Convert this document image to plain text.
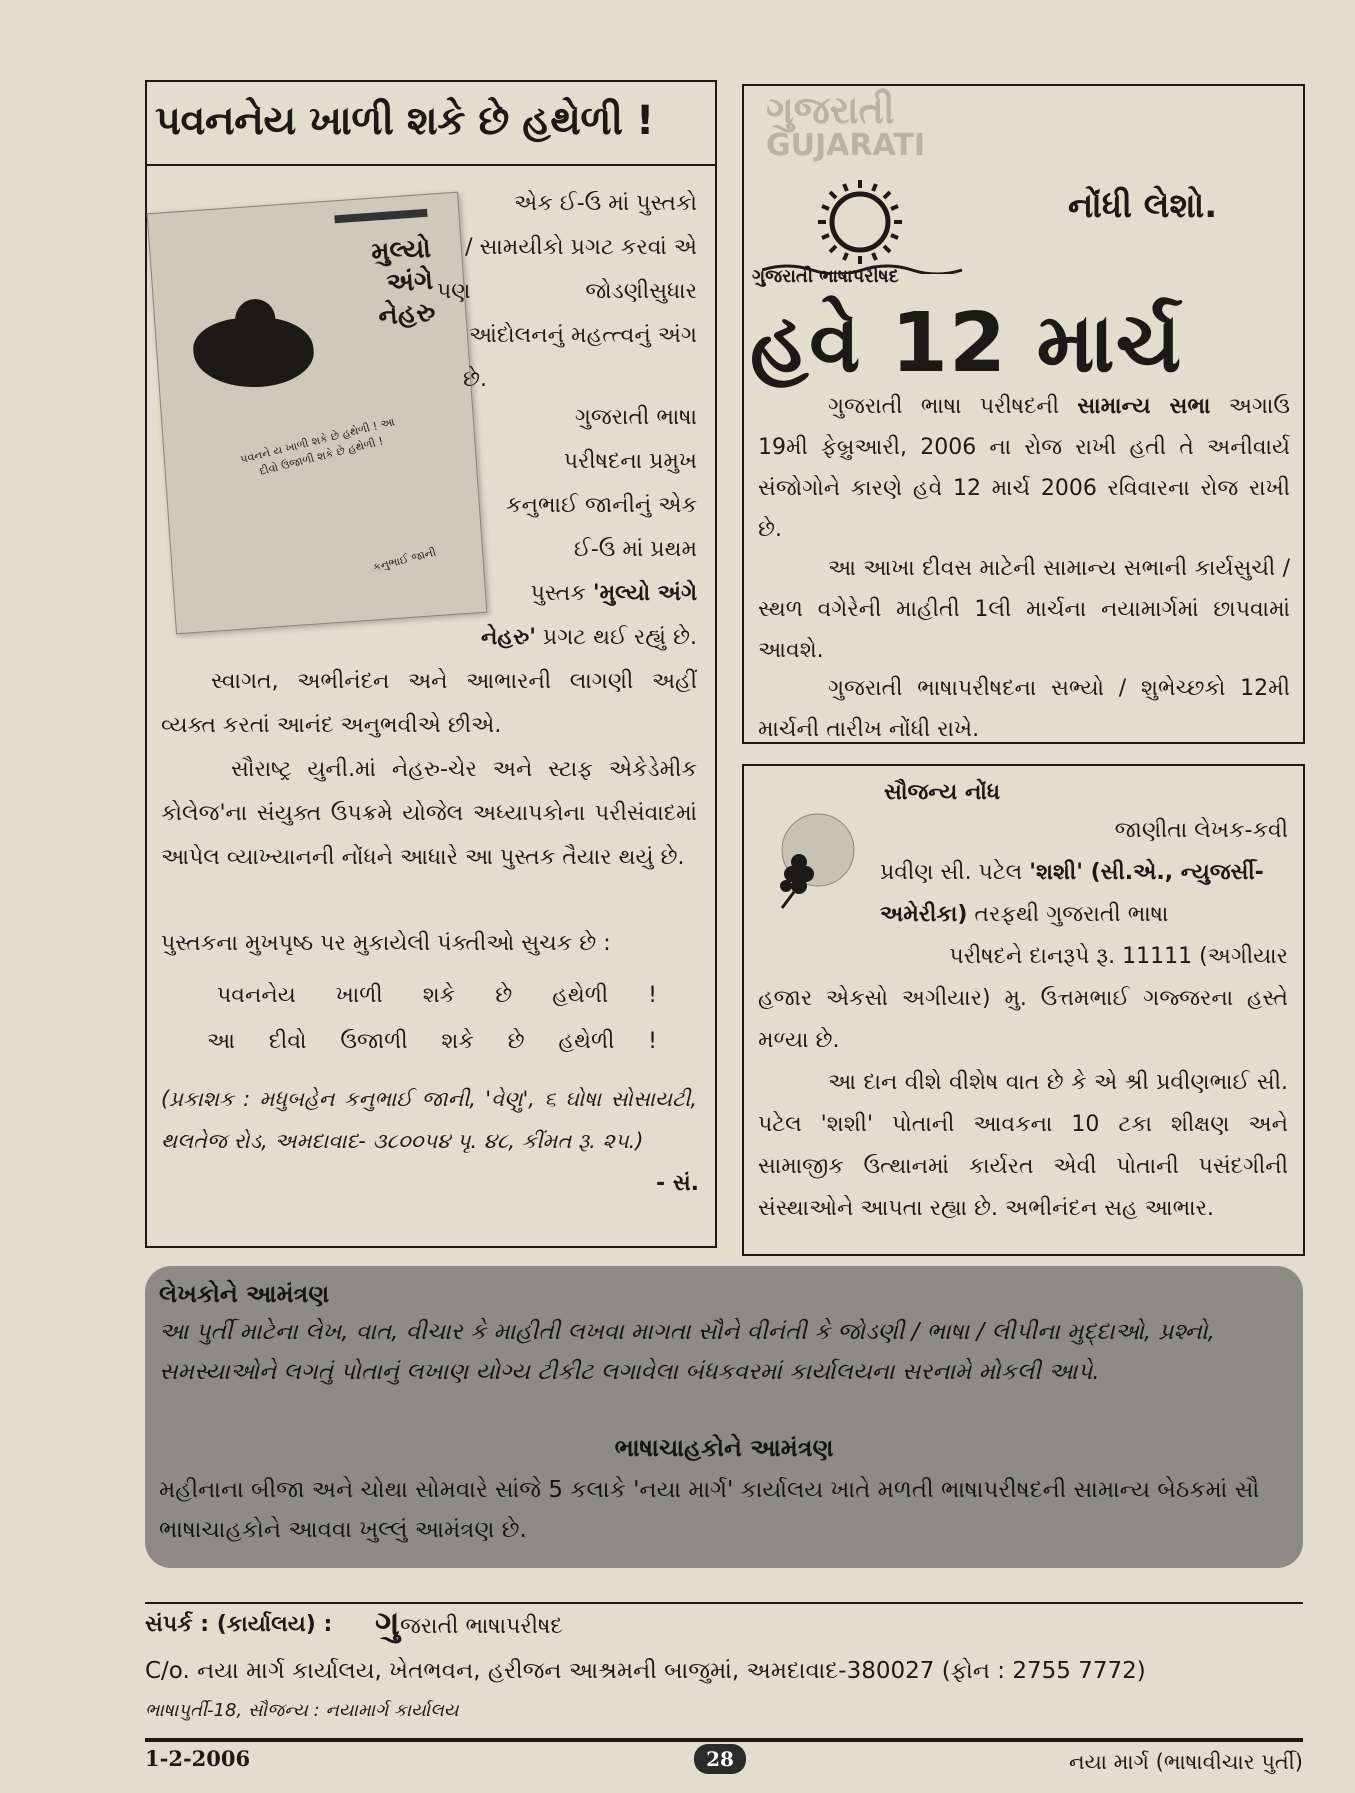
પવનનેય ખાળી શકે છે હથેળી !
મુલ્યો
અંગે
નેહરુ
પવનને ય ખાળી શકે છે હથેળી ! આ દીવો ઉજાળી શકે છે હથેળી !
કનુભાઈ જાની
એક ઈ-ઉ માં પુસ્તકો
/ સામયીકો પ્રગટ કરવાં એ
પણ જોડણીસુધાર
આંદોલનનું મહત્ત્વનું અંગ
છે.
ગુજરાતી ભાષા
પરીષદના પ્રમુખ
કનુભાઈ જાનીનું એક
ઈ-ઉ માં પ્રથમ
પુસ્તક 'મુલ્યો અંગે
નેહરુ' પ્રગટ થઈ રહ્યું છે.
સ્વાગત, અભીનંદન અને આભારની લાગણી અહીં વ્યક્ત કરતાં આનંદ અનુભવીએ છીએ.
સૌરાષ્ટ્ર યુની.માં નેહરુ-ચેર અને સ્ટાફ એકેડેમીક કોલેજ'ના સંયુક્ત ઉપક્રમે યોજેલ અધ્યાપકોના પરીસંવાદમાં આપેલ વ્યાખ્યાનની નોંધને આધારે આ પુસ્તક તૈયાર થયું છે.
પુસ્તકના મુખપૃષ્ઠ પર મુકાયેલી પંક્તીઓ સુચક છે :
પવનનેય ખાળી શકે છે હથેળી !
આ દીવો ઉજાળી શકે છે હથેળી !
(પ્રકાશક : મધુબહેન કનુભાઈ જાની, 'વેણુ', ૬ ઘોષા સોસાયટી, થલતેજ રોડ, અમદાવાદ- ૩૮૦૦૫૪ પૃ. ૪૮, કીંમત રૂ. ૨૫.)
- સં.
ગુજરાતી
GUJARATI
ગુજરાતી ભાષાપરીષદ
નોંધી લેશો.
હવે 12 માર્ચ
ગુજરાતી ભાષા પરીષદની સામાન્ય સભા અગાઉ 19મી ફેબ્રુઆરી, 2006 ના રોજ રાખી હતી તે અનીવાર્ય સંજોગોને કારણે હવે 12 માર્ચ 2006 રવિવારના રોજ રાખી છે.
આ આખા દીવસ માટેની સામાન્ય સભાની કાર્યસુચી / સ્થળ વગેરેની માહીતી 1લી માર્ચના નયામાર્ગમાં છાપવામાં આવશે.
ગુજરાતી ભાષાપરીષદના સભ્યો / શુભેચ્છકો 12મી માર્ચની તારીખ નોંધી રાખે.
સૌજન્ય નોંધ
જાણીતા લેખક-કવી
પ્રવીણ સી. પટેલ 'શશી' (સી.એ., ન્યુજર્સી-
અમેરીકા) તરફથી ગુજરાતી ભાષા
પરીષદને દાનરૂપે રૂ. 11111 (અગીયાર
હજાર એકસો અગીયાર) મુ. ઉત્તમભાઈ ગજ્જરના હસ્તે મળ્યા છે.
આ દાન વીશે વીશેષ વાત છે કે એ શ્રી પ્રવીણભાઈ સી. પટેલ 'શશી' પોતાની આવકના 10 ટકા શીક્ષણ અને સામાજીક ઉત્થાનમાં કાર્યરત એવી પોતાની પસંદગીની સંસ્થાઓને આપતા રહ્યા છે. અભીનંદન સહ આભાર.
લેખકોને આમંત્રણ
આ પુર્તી માટેના લેખ, વાત, વીચાર કે માહીતી લખવા માગતા સૌને વીનંતી કે જોડણી / ભાષા / લીપીના મુદ્દાઓ, પ્રશ્નો, સમસ્યાઓને લગતું પોતાનું લખાણ યોગ્ય ટીકીટ લગાવેલા બંધકવરમાં કાર્યાલયના સરનામે મોકલી આપે.
ભાષાચાહકોને આમંત્રણ
મહીનાના બીજા અને ચોથા સોમવારે સાંજે 5 કલાકે 'નયા માર્ગ' કાર્યાલય ખાતે મળતી ભાષાપરીષદની સામાન્ય બેઠકમાં સૌ ભાષાચાહકોને આવવા ખુલ્લું આમંત્રણ છે.
સંપર્ક : (કાર્યાલય) : ગુ જરાતી ભાષાપરીષદ
C/o. નયા માર્ગ કાર્યાલય, ખેતભવન, હરીજન આશ્રમની બાજુમાં, અમદાવાદ-380027 (ફોન : 2755 7772)
ભાષાપુર્તી-18, સૌજન્ય : નયામાર્ગ કાર્યાલય
1-2-2006	28	નયા માર્ગ (ભાષાવીચાર પુર્તી)
